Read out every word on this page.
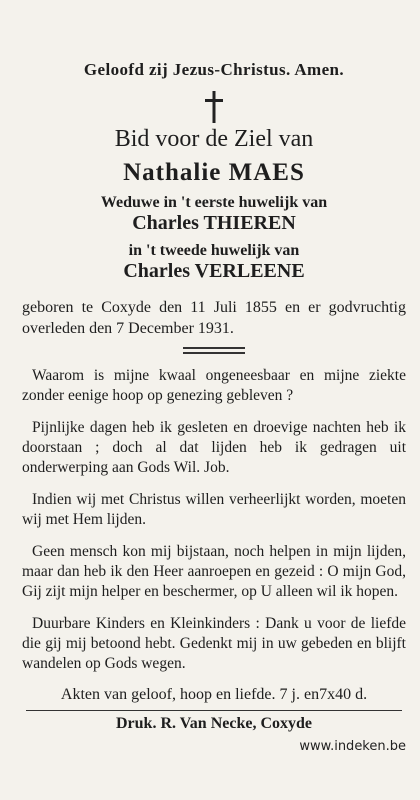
Geloofd zij Jezus-Christus. Amen.
Bid voor de Ziel van
Nathalie MAES
Weduwe in 't eerste huwelijk van
Charles THIEREN
in 't tweede huwelijk van
Charles VERLEENE
geboren te Coxyde den 11 Juli 1855 en er godvruchtig overleden den 7 December 1931.

Waarom is mijne kwaal ongeneesbaar en mijne ziekte zonder eenige hoop op genezing gebleven ?

Pijnlijke dagen heb ik gesleten en droevige nachten heb ik doorstaan ; doch al dat lijden heb ik gedragen uit onderwerping aan Gods Wil. Job.

Indien wij met Christus willen verheerlijkt worden, moeten wij met Hem lijden.

Geen mensch kon mij bijstaan, noch helpen in mijn lijden, maar dan heb ik den Heer aanroepen en gezeid : O mijn God, Gij zijt mijn helper en beschermer, op U alleen wil ik hopen.

Duurbare Kinders en Kleinkinders : Dank u voor de liefde die gij mij betoond hebt. Gedenkt mij in uw gebeden en blijft wandelen op Gods wegen.

Akten van geloof, hoop en liefde. 7 j. en7x40 d.
Druk. R. Van Necke, Coxyde
www.indeken.be
